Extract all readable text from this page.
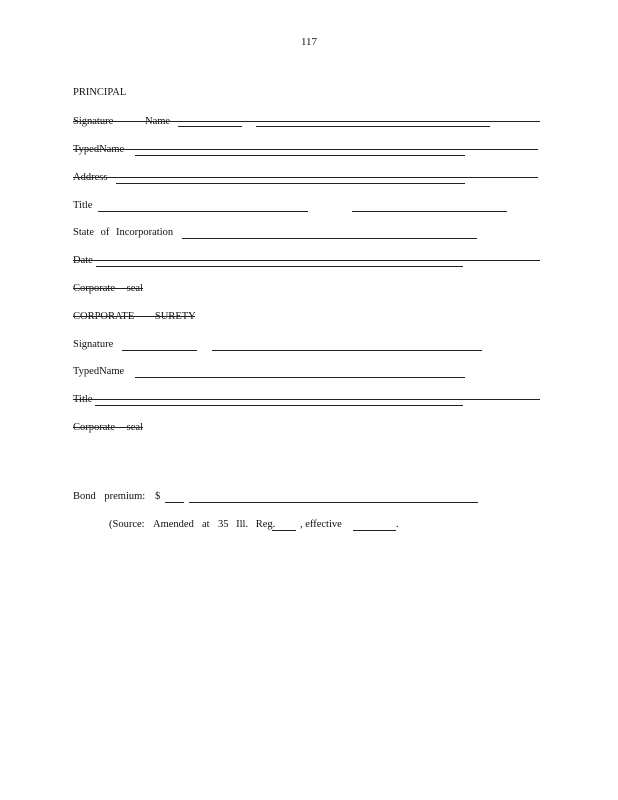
117
PRINCIPAL
Signature	Name
TypedName
Address
Title
State of Incorporation
Date
Corporate seal
CORPORATE SURETY
Signature
TypedName
Title
Corporate seal
Bond premium: $
(Source: Amended at 35 Ill. Reg. , effective	.
